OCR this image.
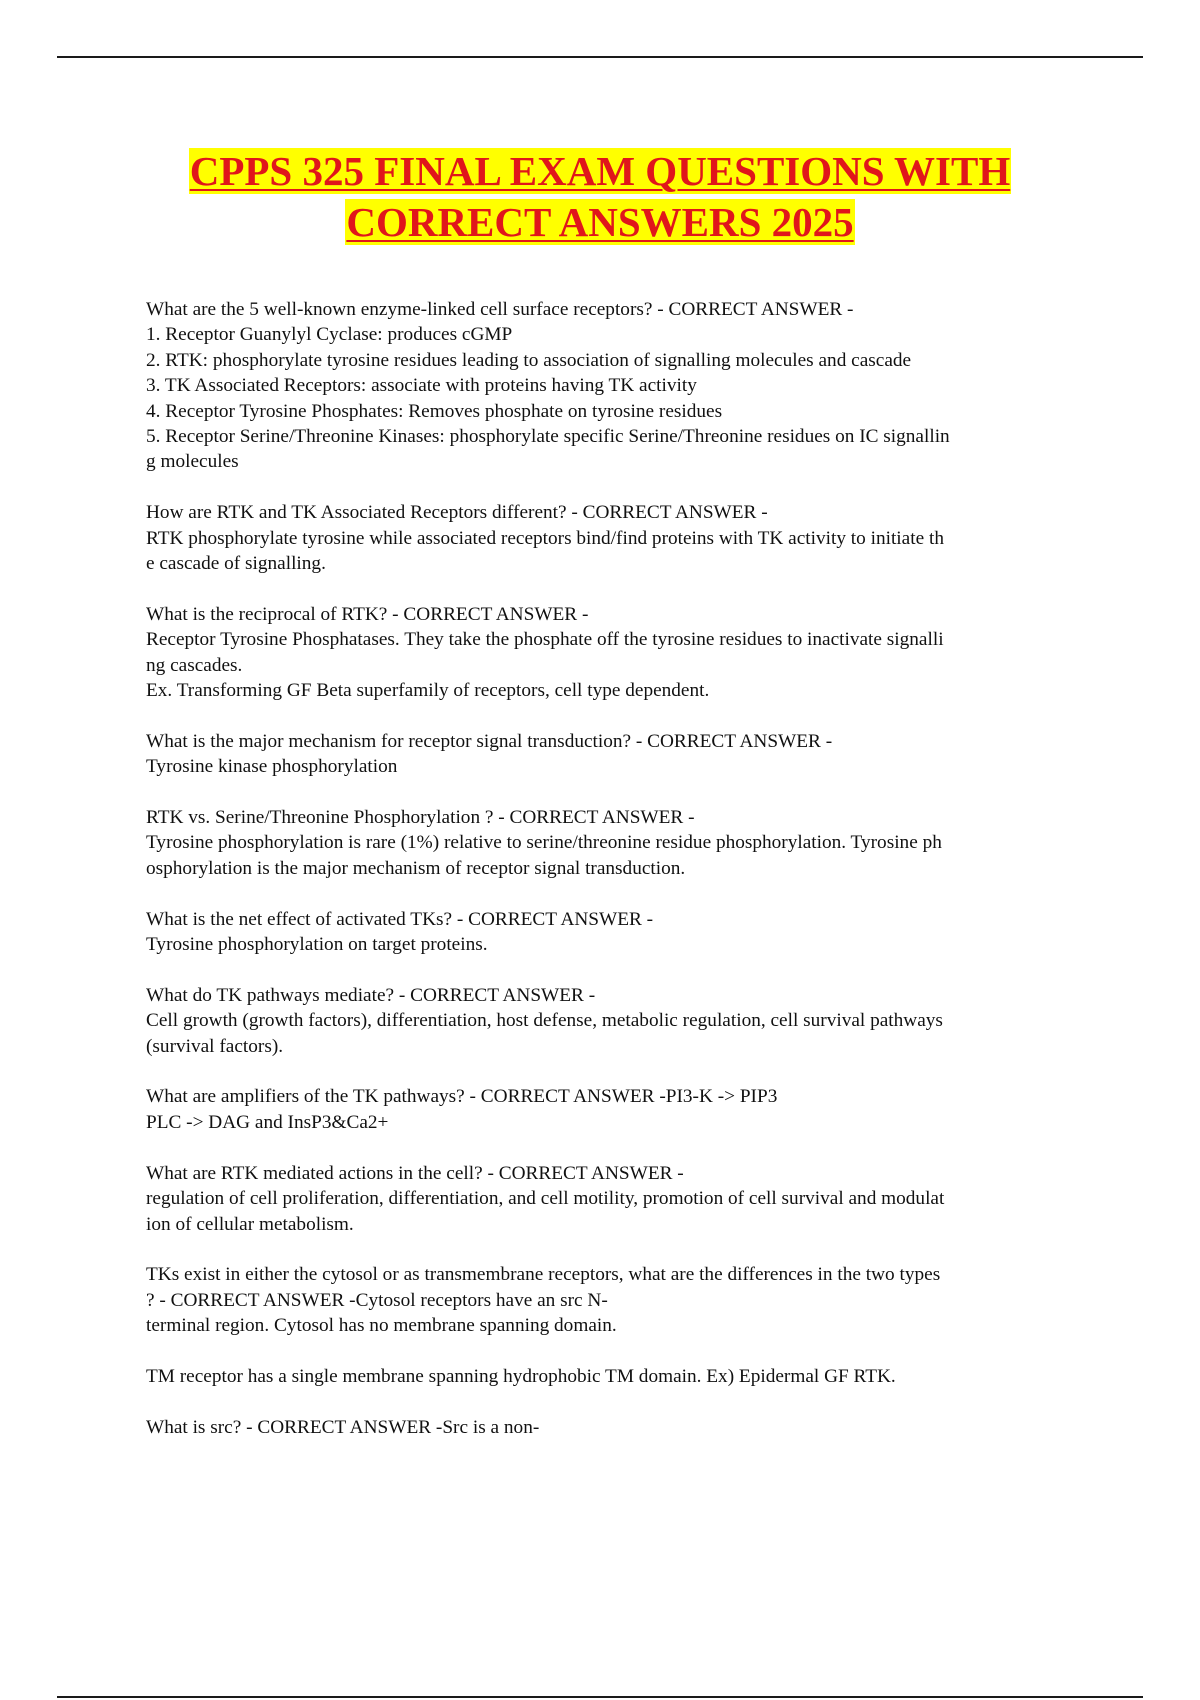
CPPS 325 FINAL EXAM QUESTIONS WITH
CORRECT ANSWERS 2025

What are the 5 well-known enzyme-linked cell surface receptors? - CORRECT ANSWER -
1. Receptor Guanylyl Cyclase: produces cGMP
2. RTK: phosphorylate tyrosine residues leading to association of signalling molecules and cascade
3. TK Associated Receptors: associate with proteins having TK activity
4. Receptor Tyrosine Phosphates: Removes phosphate on tyrosine residues
5. Receptor Serine/Threonine Kinases: phosphorylate specific Serine/Threonine residues on IC signallin
g molecules

How are RTK and TK Associated Receptors different? - CORRECT ANSWER -
RTK phosphorylate tyrosine while associated receptors bind/find proteins with TK activity to initiate th
e cascade of signalling.

What is the reciprocal of RTK? - CORRECT ANSWER -
Receptor Tyrosine Phosphatases. They take the phosphate off the tyrosine residues to inactivate signalli
ng cascades.
Ex. Transforming GF Beta superfamily of receptors, cell type dependent.

What is the major mechanism for receptor signal transduction? - CORRECT ANSWER -
Tyrosine kinase phosphorylation

RTK vs. Serine/Threonine Phosphorylation ? - CORRECT ANSWER -
Tyrosine phosphorylation is rare (1%) relative to serine/threonine residue phosphorylation. Tyrosine ph
osphorylation is the major mechanism of receptor signal transduction.

What is the net effect of activated TKs? - CORRECT ANSWER -
Tyrosine phosphorylation on target proteins.

What do TK pathways mediate? - CORRECT ANSWER -
Cell growth (growth factors), differentiation, host defense, metabolic regulation, cell survival pathways
(survival factors).

What are amplifiers of the TK pathways? - CORRECT ANSWER -PI3-K -> PIP3
PLC -> DAG and InsP3&Ca2+

What are RTK mediated actions in the cell? - CORRECT ANSWER -
regulation of cell proliferation, differentiation, and cell motility, promotion of cell survival and modulat
ion of cellular metabolism.

TKs exist in either the cytosol or as transmembrane receptors, what are the differences in the two types
? - CORRECT ANSWER -Cytosol receptors have an src N-
terminal region. Cytosol has no membrane spanning domain.

TM receptor has a single membrane spanning hydrophobic TM domain. Ex) Epidermal GF RTK.

What is src? - CORRECT ANSWER -Src is a non-
